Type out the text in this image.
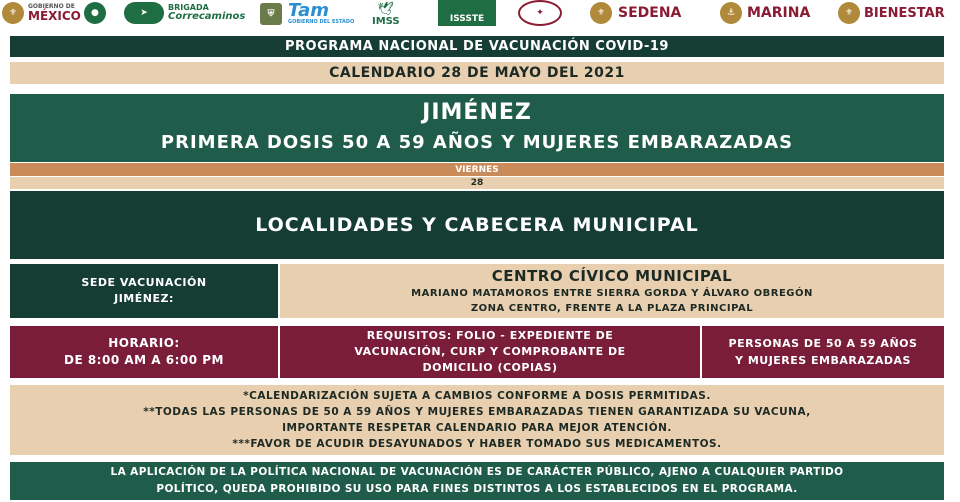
⚜
GOBIERNO DE
MÉXICO	●	➤
BRIGADA
Correcaminos	⛨ Tam
GOBIERNO DEL ESTADO
🕊
IMSS	ISSSTE
✦	⚜ SEDENA	⚓ MARINA	⚜ BIENESTAR
PROGRAMA NACIONAL DE VACUNACIÓN COVID-19
CALENDARIO 28 DE MAYO DEL 2021
JIMÉNEZ
PRIMERA DOSIS 50 A 59 AÑOS Y MUJERES EMBARAZADAS
VIERNES
28
LOCALIDADES Y CABECERA MUNICIPAL
SEDE VACUNACIÓN
JIMÉNEZ:
CENTRO CÍVICO MUNICIPAL
MARIANO MATAMOROS ENTRE SIERRA GORDA Y ÁLVARO OBREGÓN
ZONA CENTRO, FRENTE A LA PLAZA PRINCIPAL
HORARIO:
DE 8:00 AM A 6:00 PM
REQUISITOS: FOLIO - EXPEDIENTE DE
VACUNACIÓN, CURP Y COMPROBANTE DE
DOMICILIO (COPIAS)
PERSONAS DE 50 A 59 AÑOS
Y MUJERES EMBARAZADAS
*CALENDARIZACIÓN SUJETA A CAMBIOS CONFORME A DOSIS PERMITIDAS.
**TODAS LAS PERSONAS DE 50 A 59 AÑOS Y MUJERES EMBARAZADAS TIENEN GARANTIZADA SU VACUNA,
IMPORTANTE RESPETAR CALENDARIO PARA MEJOR ATENCIÓN.
***FAVOR DE ACUDIR DESAYUNADOS Y HABER TOMADO SUS MEDICAMENTOS.
LA APLICACIÓN DE LA POLÍTICA NACIONAL DE VACUNACIÓN ES DE CARÁCTER PÚBLICO, AJENO A CUALQUIER PARTIDO
POLÍTICO, QUEDA PROHIBIDO SU USO PARA FINES DISTINTOS A LOS ESTABLECIDOS EN EL PROGRAMA.
